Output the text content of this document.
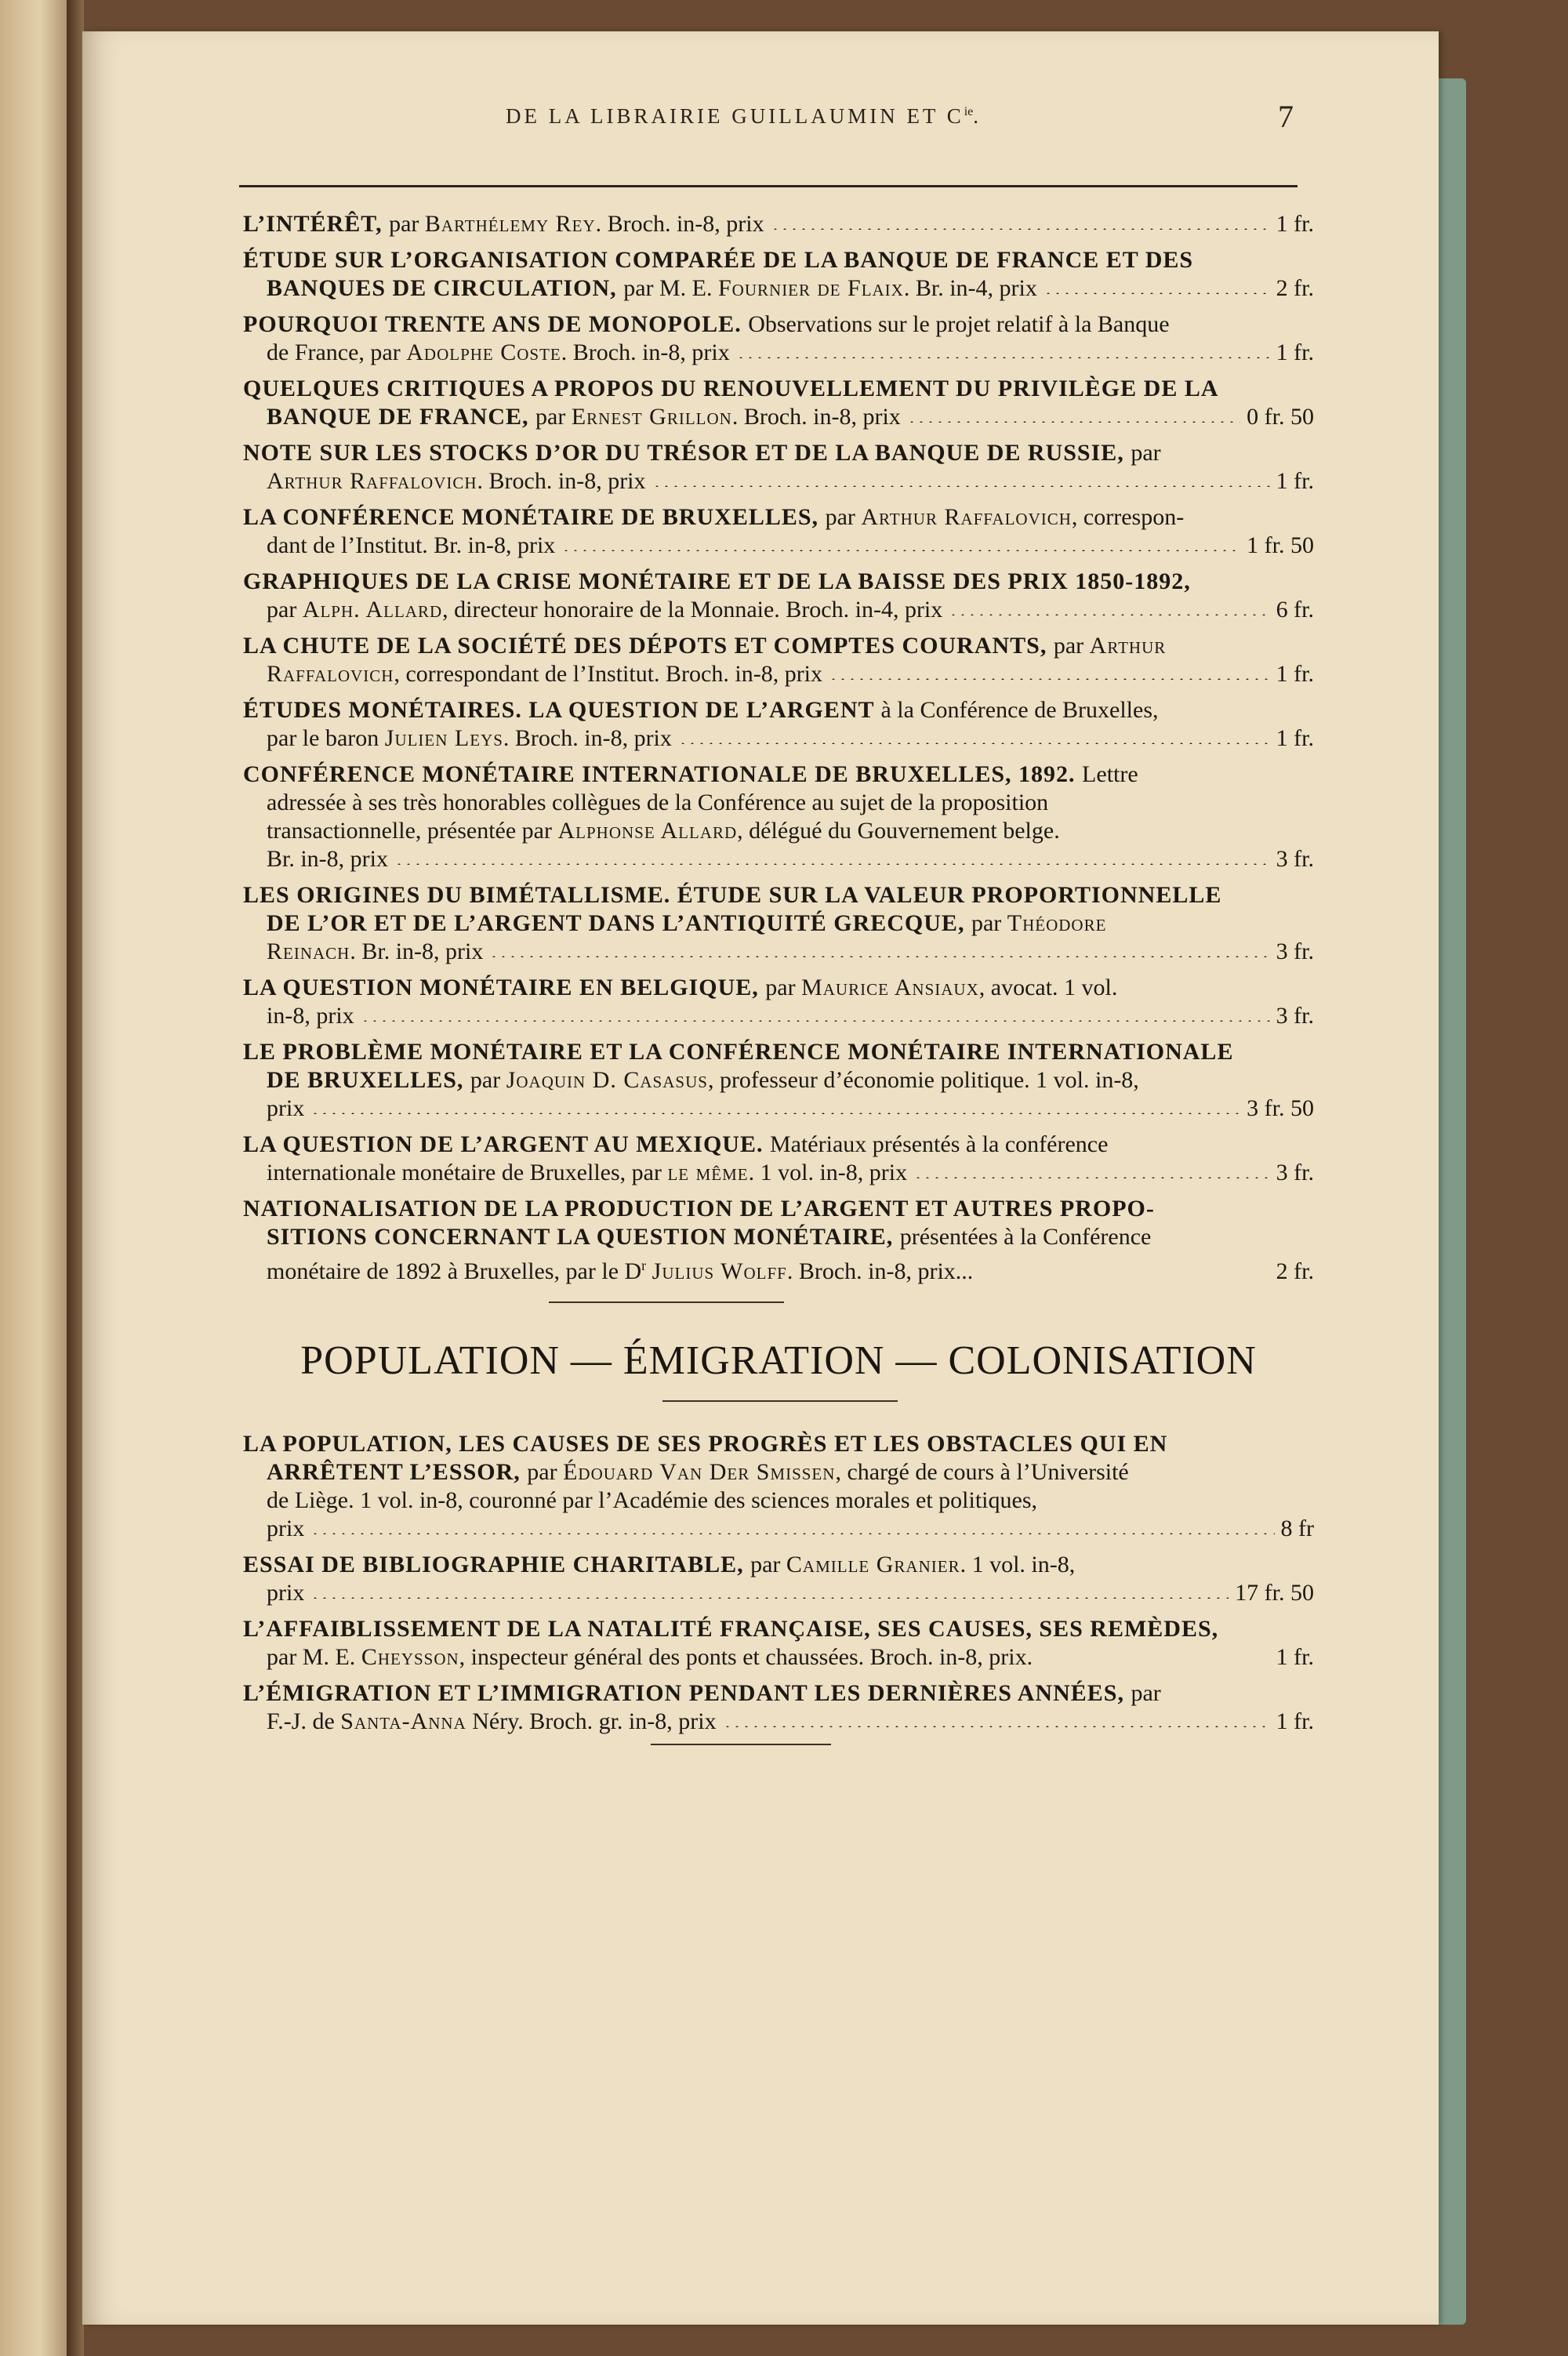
DE LA LIBRAIRIE GUILLAUMIN ET $C^{ie}$.	7
L’INTÉRÊT, par Barthélemy Rey. Broch. in-8, prix	1 fr.
ÉTUDE SUR L’ORGANISATION COMPARÉE DE LA BANQUE DE FRANCE ET DES
BANQUES DE CIRCULATION, par M. E. Fournier de Flaix. Br. in-4, prix	2 fr.
POURQUOI TRENTE ANS DE MONOPOLE. Observations sur le projet relatif à la Banque
de France, par Adolphe Coste. Broch. in-8, prix	1 fr.
QUELQUES CRITIQUES A PROPOS DU RENOUVELLEMENT DU PRIVILÈGE DE LA
BANQUE DE FRANCE, par Ernest Grillon. Broch. in-8, prix	0 fr. 50
NOTE SUR LES STOCKS D’OR DU TRÉSOR ET DE LA BANQUE DE RUSSIE, par
Arthur Raffalovich. Broch. in-8, prix	1 fr.
LA CONFÉRENCE MONÉTAIRE DE BRUXELLES, par Arthur Raffalovich, correspon-
dant de l’Institut. Br. in-8, prix	1 fr. 50
GRAPHIQUES DE LA CRISE MONÉTAIRE ET DE LA BAISSE DES PRIX 1850-1892,
par Alph. Allard, directeur honoraire de la Monnaie. Broch. in-4, prix	6 fr.
LA CHUTE DE LA SOCIÉTÉ DES DÉPOTS ET COMPTES COURANTS, par Arthur
Raffalovich, correspondant de l’Institut. Broch. in-8, prix	1 fr.
ÉTUDES MONÉTAIRES. LA QUESTION DE L’ARGENT à la Conférence de Bruxelles,
par le baron Julien Leys. Broch. in-8, prix	1 fr.
CONFÉRENCE MONÉTAIRE INTERNATIONALE DE BRUXELLES, 1892. Lettre
adressée à ses très honorables collègues de la Conférence au sujet de la proposition
transactionnelle, présentée par Alphonse Allard, délégué du Gouvernement belge.
Br. in-8, prix	3 fr.
LES ORIGINES DU BIMÉTALLISME. ÉTUDE SUR LA VALEUR PROPORTIONNELLE
DE L’OR ET DE L’ARGENT DANS L’ANTIQUITÉ GRECQUE, par Théodore
Reinach. Br. in-8, prix	3 fr.
LA QUESTION MONÉTAIRE EN BELGIQUE, par Maurice Ansiaux, avocat. 1 vol.
in-8, prix	3 fr.
LE PROBLÈME MONÉTAIRE ET LA CONFÉRENCE MONÉTAIRE INTERNATIONALE
DE BRUXELLES, par Joaquin D. Casasus, professeur d’économie politique. 1 vol. in-8,
prix	3 fr. 50
LA QUESTION DE L’ARGENT AU MEXIQUE. Matériaux présentés à la conférence
internationale monétaire de Bruxelles, par le même. 1 vol. in-8, prix	3 fr.
NATIONALISATION DE LA PRODUCTION DE L’ARGENT ET AUTRES PROPO-
SITIONS CONCERNANT LA QUESTION MONÉTAIRE, présentées à la Conférence
monétaire de 1892 à Bruxelles, par le $D^r$ Julius Wolff. Broch. in-8, prix...	2 fr.
POPULATION — ÉMIGRATION — COLONISATION
LA POPULATION, LES CAUSES DE SES PROGRÈS ET LES OBSTACLES QUI EN
ARRÊTENT L’ESSOR, par Édouard Van Der Smissen, chargé de cours à l’Université
de Liège. 1 vol. in-8, couronné par l’Académie des sciences morales et politiques,
prix	8 fr
ESSAI DE BIBLIOGRAPHIE CHARITABLE, par Camille Granier. 1 vol. in-8,
prix	17 fr. 50
L’AFFAIBLISSEMENT DE LA NATALITÉ FRANÇAISE, SES CAUSES, SES REMÈDES,
par M. E. Cheysson, inspecteur général des ponts et chaussées. Broch. in-8, prix.	1 fr.
L’ÉMIGRATION ET L’IMMIGRATION PENDANT LES DERNIÈRES ANNÉES, par
F.-J. de Santa-Anna Néry. Broch. gr. in-8, prix	1 fr.
